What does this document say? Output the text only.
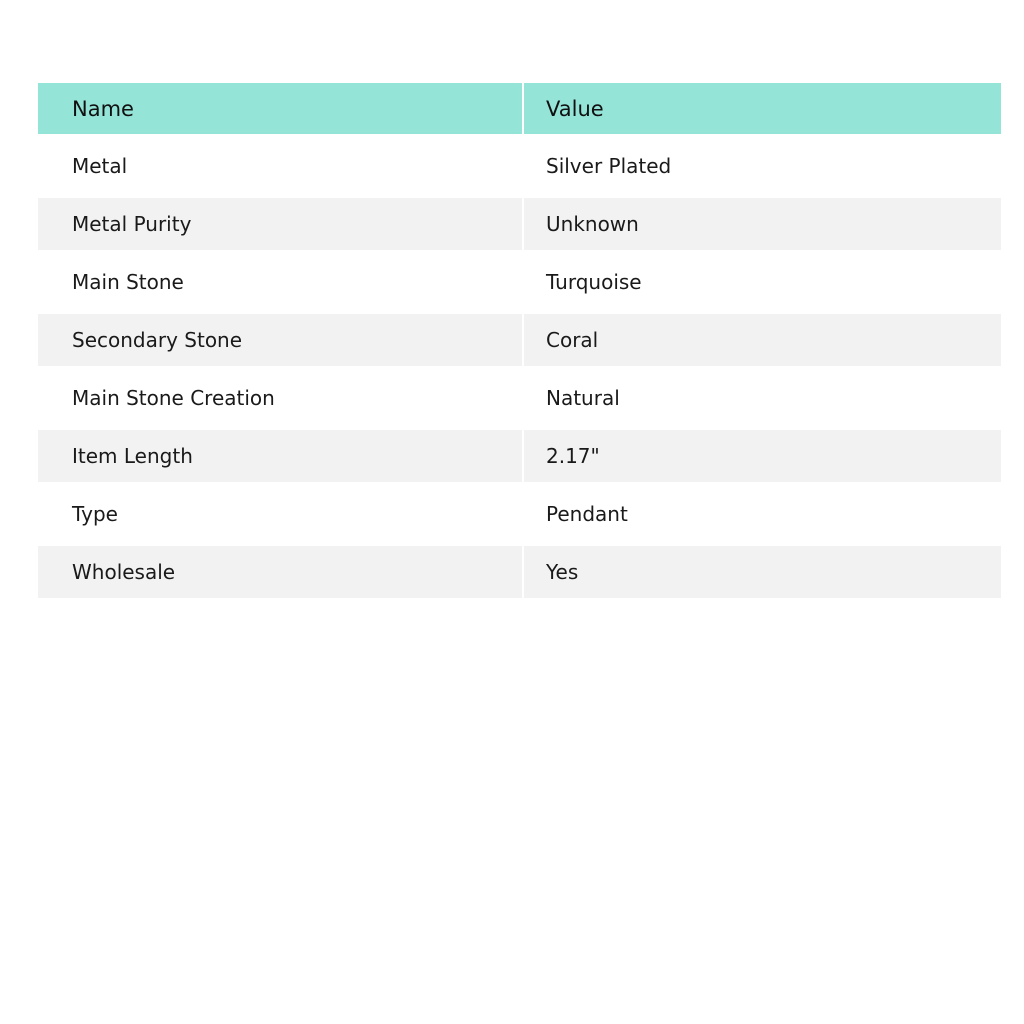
Name	Value
Metal	Silver Plated
Metal Purity	Unknown
Main Stone	Turquoise
Secondary Stone	Coral
Main Stone Creation	Natural
Item Length	2.17"
Type	Pendant
Wholesale	Yes
